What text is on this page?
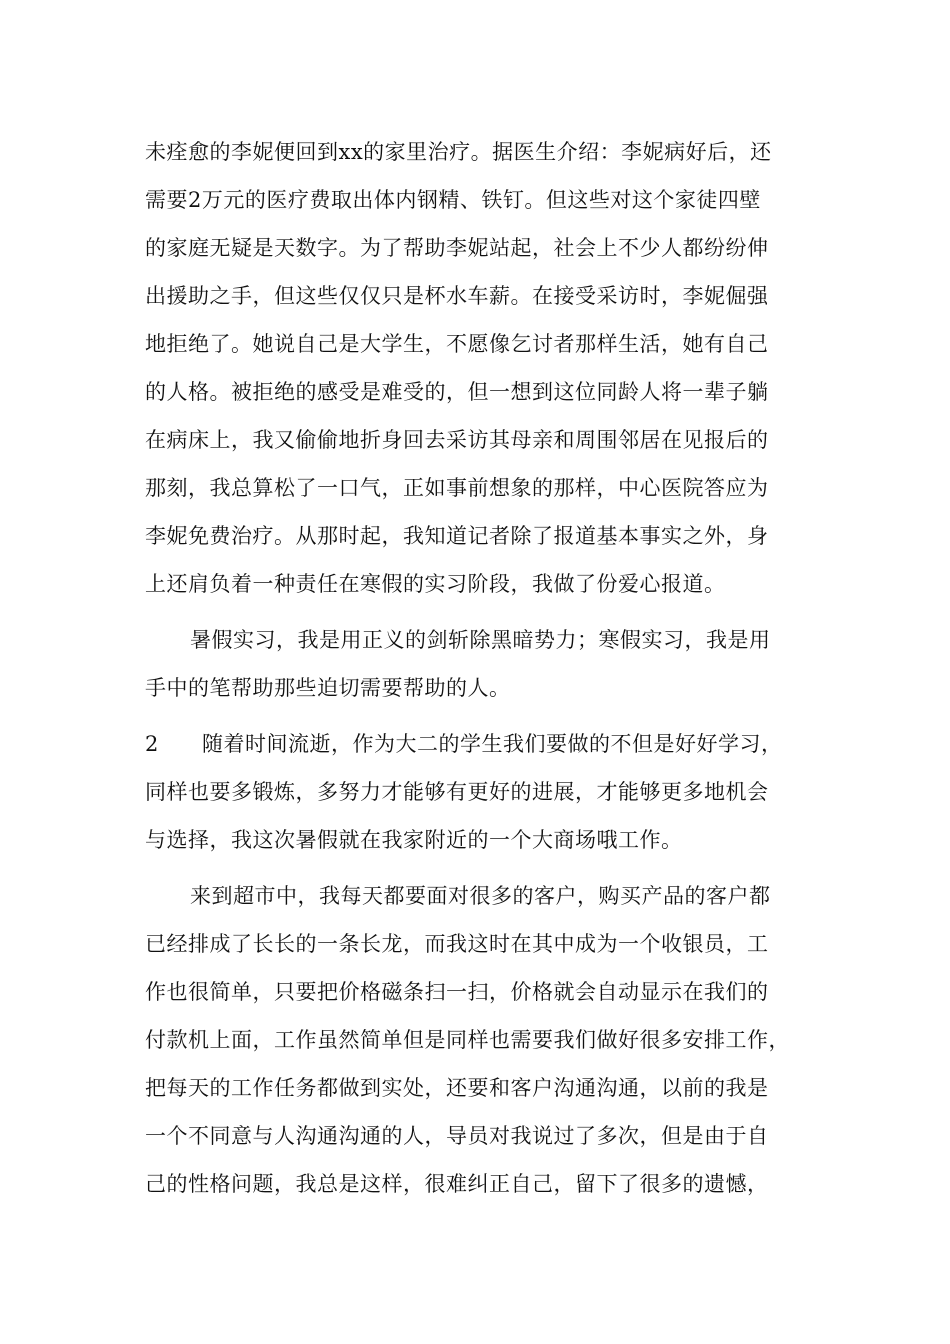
未痊愈的李妮便回到xx的家里治疗。据医生介绍：李妮病好后，还
需要2万元的医疗费取出体内钢精、铁钉。但这些对这个家徒四壁
的家庭无疑是天数字。为了帮助李妮站起，社会上不少人都纷纷伸
出援助之手，但这些仅仅只是杯水车薪。在接受采访时，李妮倔强
地拒绝了。她说自己是大学生，不愿像乞讨者那样生活，她有自己
的人格。被拒绝的感受是难受的，但一想到这位同龄人将一辈子躺
在病床上，我又偷偷地折身回去采访其母亲和周围邻居在见报后的
那刻，我总算松了一口气，正如事前想象的那样，中心医院答应为
李妮免费治疗。从那时起，我知道记者除了报道基本事实之外，身
上还肩负着一种责任在寒假的实习阶段，我做了份爱心报道。
暑假实习，我是用正义的剑斩除黑暗势力；寒假实习，我是用
手中的笔帮助那些迫切需要帮助的人。
2 随着时间流逝，作为大二的学生我们要做的不但是好好学习，
同样也要多锻炼，多努力才能够有更好的进展，才能够更多地机会
与选择，我这次暑假就在我家附近的一个大商场哦工作。
来到超市中，我每天都要面对很多的客户，购买产品的客户都
已经排成了长长的一条长龙，而我这时在其中成为一个收银员，工
作也很简单，只要把价格磁条扫一扫，价格就会自动显示在我们的
付款机上面，工作虽然简单但是同样也需要我们做好很多安排工作，
把每天的工作任务都做到实处，还要和客户沟通沟通，以前的我是
一个不同意与人沟通沟通的人，导员对我说过了多次，但是由于自
己的性格问题，我总是这样，很难纠正自己，留下了很多的遗憾，
